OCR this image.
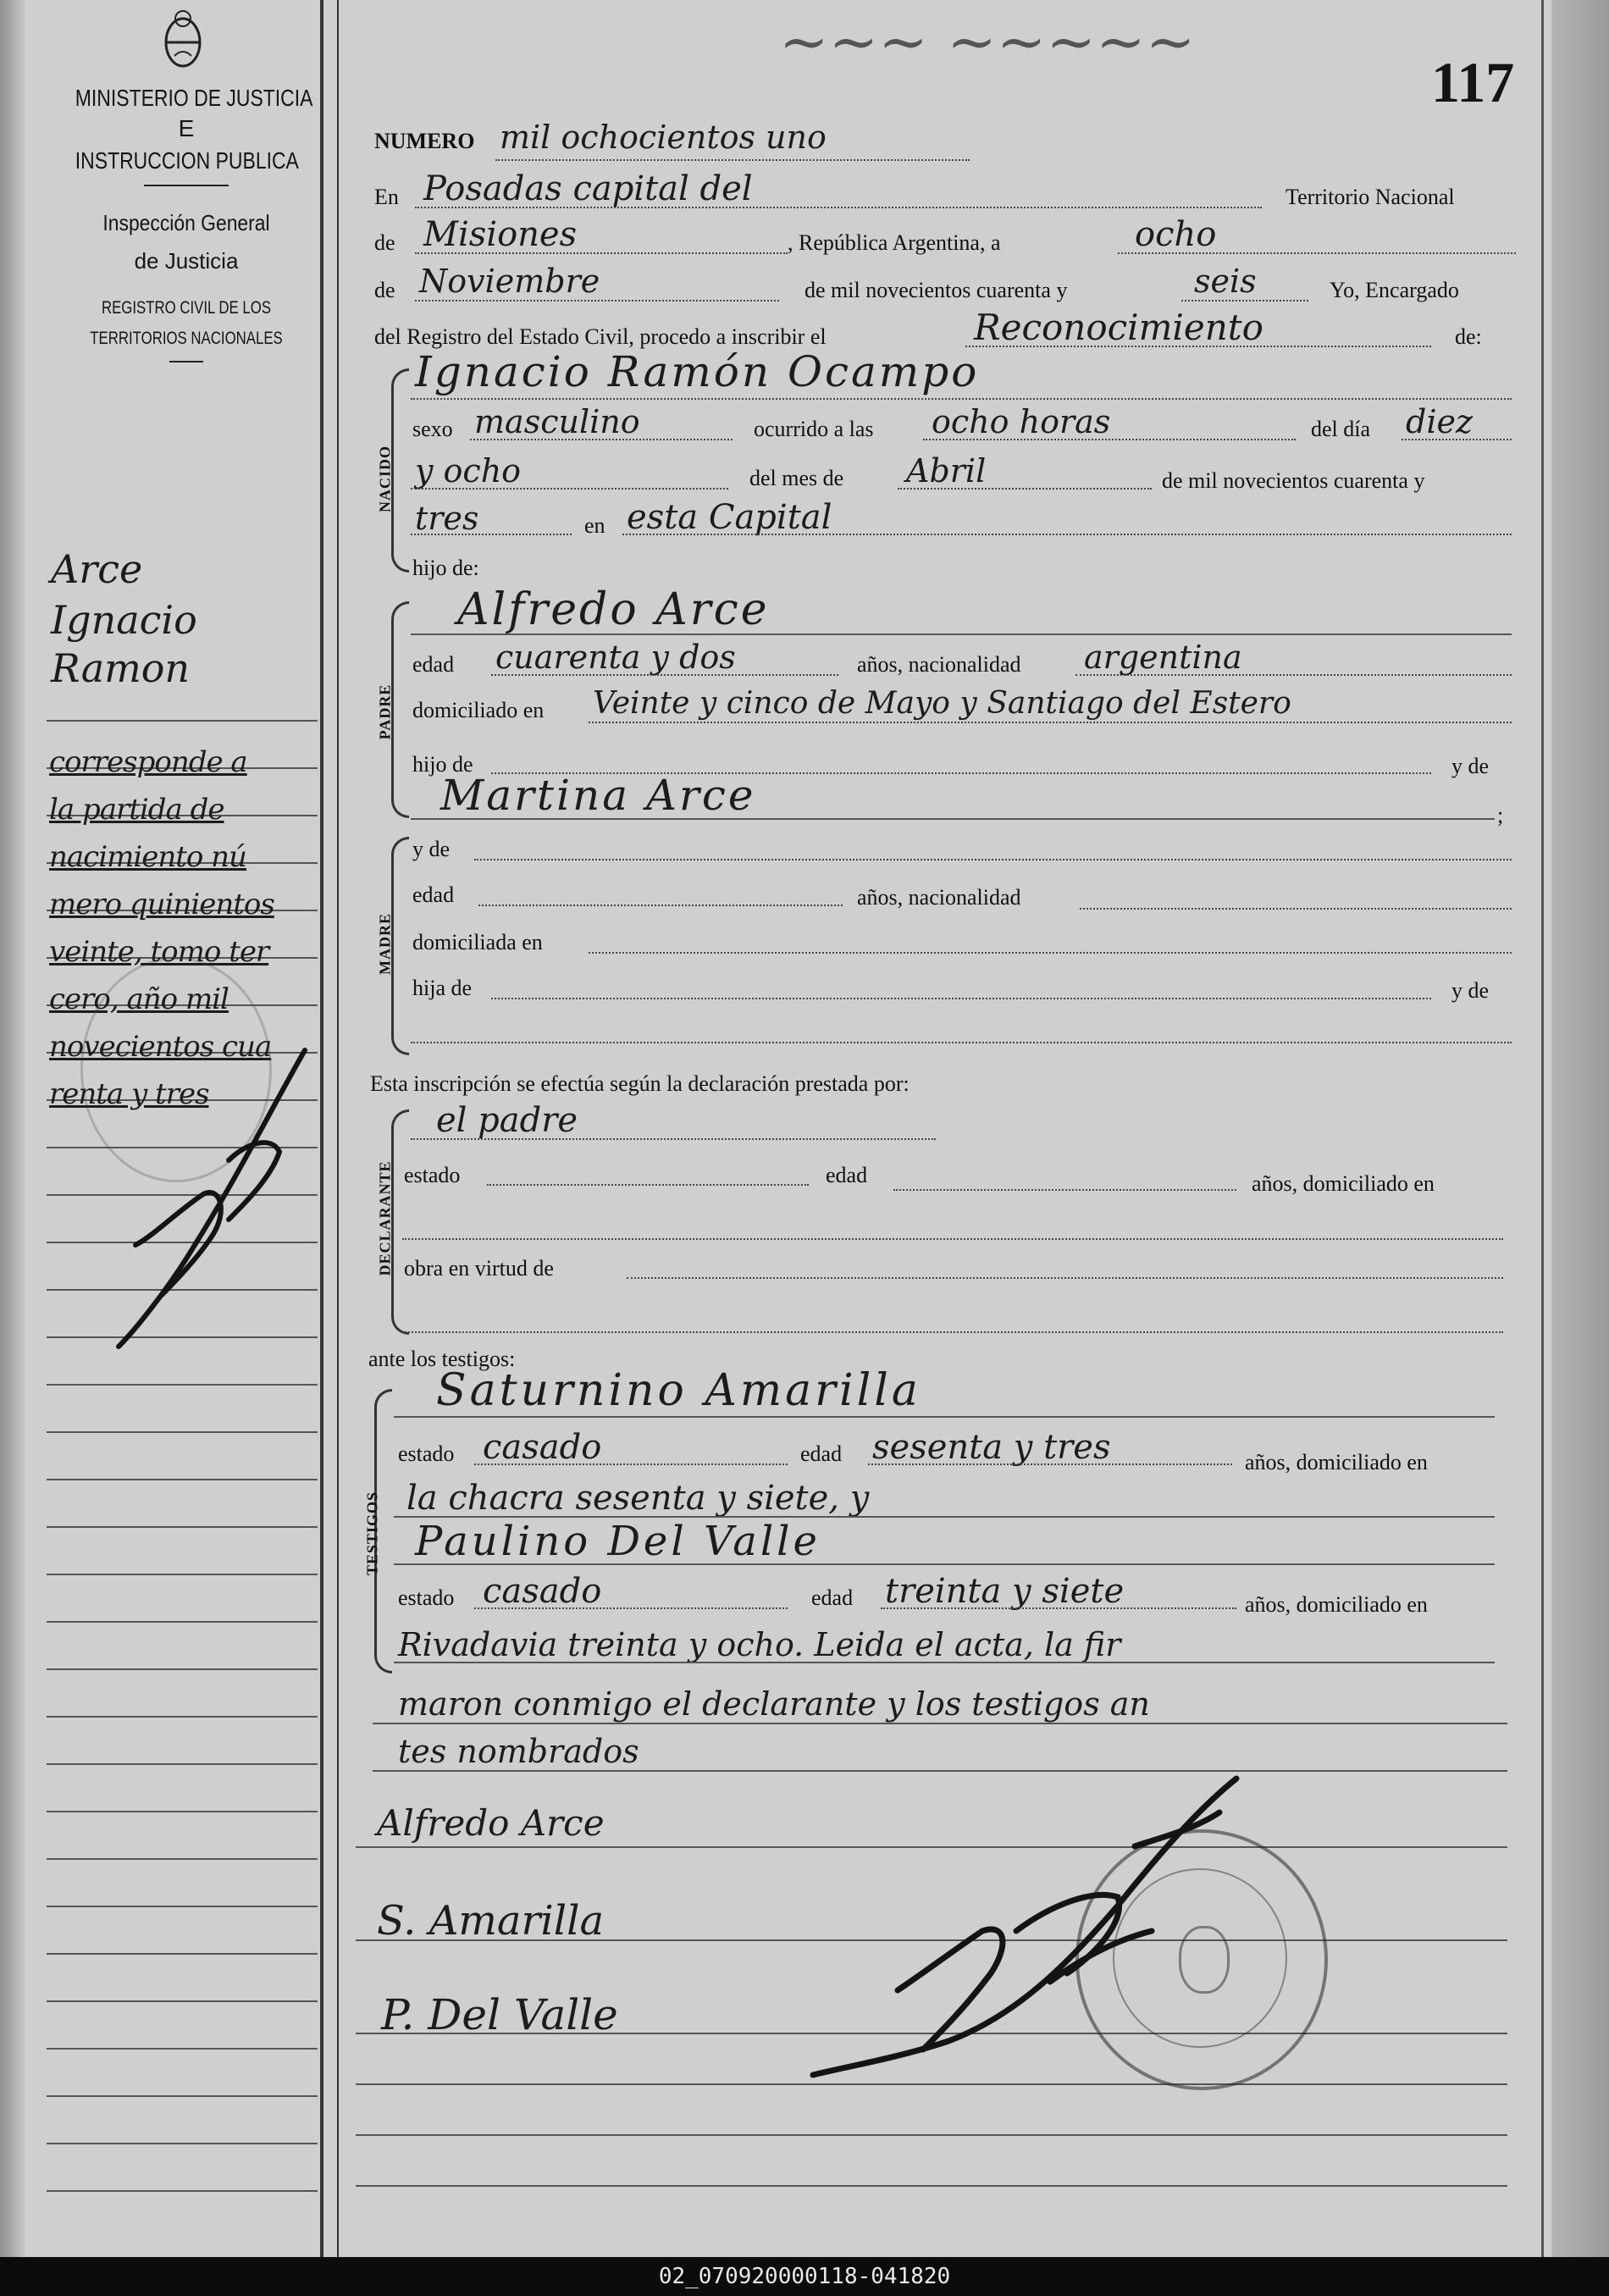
MINISTERIO DE JUSTICIA
E
INSTRUCCION PUBLICA
Inspección General
de Justicia
REGISTRO CIVIL DE LOS
TERRITORIOS NACIONALES
117
~~~ ~~~~~
Arce
Ignacio
Ramon
corresponde a
la partida de
nacimiento nú
mero quinientos
veinte, tomo ter
cero, año mil
novecientos cua
renta y tres
NUMERO mil ochocientos uno
En Posadas capital del	Territorio Nacional
de Misiones	, República Argentina, a	ocho
de Noviembre	de mil novecientos cuarenta y	seis	Yo, Encargado
del Registro del Estado Civil, procedo a inscribir el	Reconocimiento	de:
NACIDO
Ignacio Ramón Ocampo
sexo masculino	ocurrido a las ocho horas	del día diez
y ocho	del mes de Abril	de mil novecientos cuarenta y
tres	en esta Capital
hijo de:
PADRE
Alfredo Arce
edad cuarenta y dos	años, nacionalidad argentina
domiciliado en Veinte y cinco de Mayo y Santiago del Estero
hijo de	y de
Martina Arce	;
MADRE
y de
edad	años, nacionalidad
domiciliada en
hija de	y de
Esta inscripción se efectúa según la declaración prestada por:
DECLARANTE
el padre
estado	edad	años, domiciliado en
obra en virtud de
ante los testigos:
TESTIGOS
Saturnino Amarilla
estado casado	edad sesenta y tres	años, domiciliado en
la chacra sesenta y siete, y
Paulino Del Valle
estado casado	edad treinta y siete	años, domiciliado en
Rivadavia treinta y ocho. Leida el acta, la fir
maron conmigo el declarante y los testigos an
tes nombrados
Alfredo Arce
S. Amarilla
P. Del Valle
02_070920000118-041820
